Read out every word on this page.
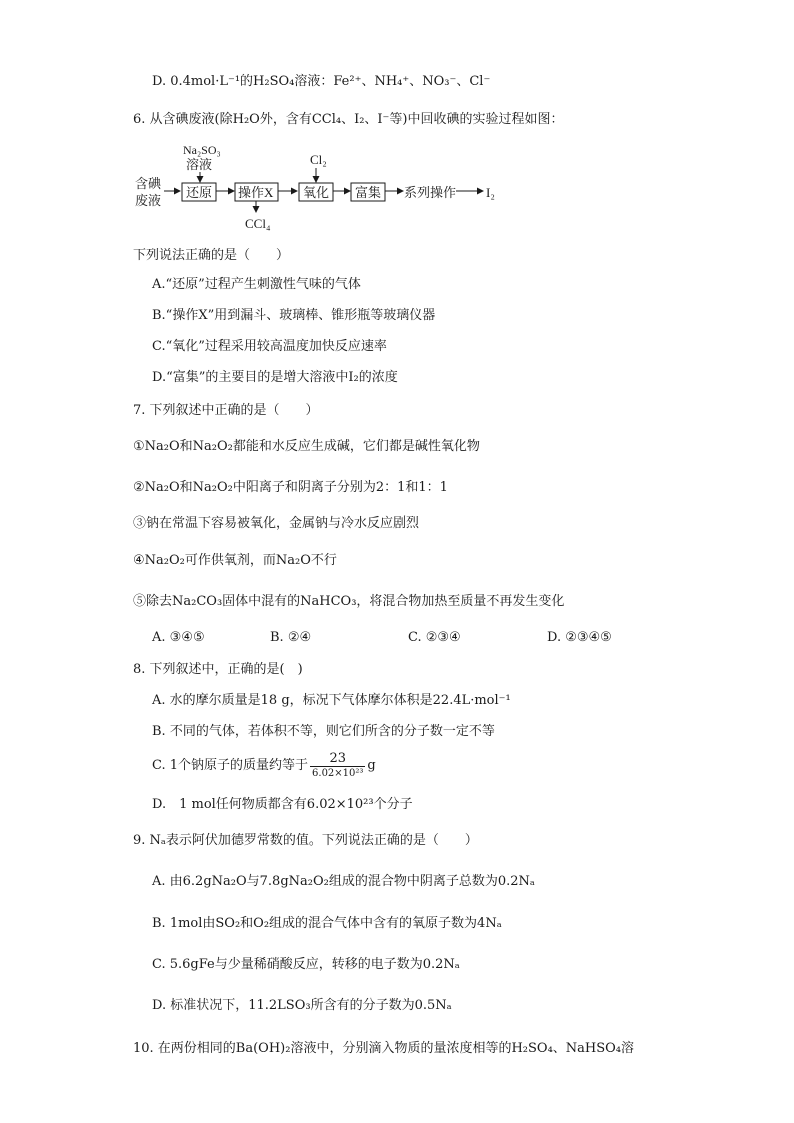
D. 0.4mol·L⁻¹的H₂SO₄溶液：Fe²⁺、NH₄⁺、NO₃⁻、Cl⁻
6. 从含碘废液(除H₂O外，含有CCl₄、I₂、I⁻等)中回收碘的实验过程如图：
含碘
废液
Na₂SO₃
溶液
还原 操作X
CCl₄
Cl₂
氧化 富集 系列操作 I₂
下列说法正确的是（　　）
A.“还原”过程产生刺激性气味的气体
B.“操作X”用到漏斗、玻璃棒、锥形瓶等玻璃仪器
C.“氧化”过程采用较高温度加快反应速率
D.“富集”的主要目的是增大溶液中I₂的浓度
7. 下列叙述中正确的是（　　）
①Na₂O和Na₂O₂都能和水反应生成碱，它们都是碱性氧化物
②Na₂O和Na₂O₂中阳离子和阴离子分别为2：1和1：1
③钠在常温下容易被氧化，金属钠与冷水反应剧烈
④Na₂O₂可作供氧剂，而Na₂O不行
⑤除去Na₂CO₃固体中混有的NaHCO₃，将混合物加热至质量不再发生变化
A. ③④⑤	B. ②④	C. ②③④	D. ②③④⑤
8. 下列叙述中，正确的是(　)
A. 水的摩尔质量是18 g，标况下气体摩尔体积是22.4L·mol⁻¹
B. 不同的气体，若体积不等，则它们所含的分子数一定不等
C. 1个钠原子的质量约等于 $\frac{23}{\text{6.02×10²³}}$ g
D.　1 mol任何物质都含有6.02×10²³个分子
9. Nₐ表示阿伏加德罗常数的值。下列说法正确的是（　　）
A. 由6.2gNa₂O与7.8gNa₂O₂组成的混合物中阴离子总数为0.2Nₐ
B. 1mol由SO₂和O₂组成的混合气体中含有的氧原子数为4Nₐ
C. 5.6gFe与少量稀硝酸反应，转移的电子数为0.2Nₐ
D. 标准状况下，11.2LSO₃所含有的分子数为0.5Nₐ
10. 在两份相同的Ba(OH)₂溶液中，分别滴入物质的量浓度相等的H₂SO₄、NaHSO₄溶
